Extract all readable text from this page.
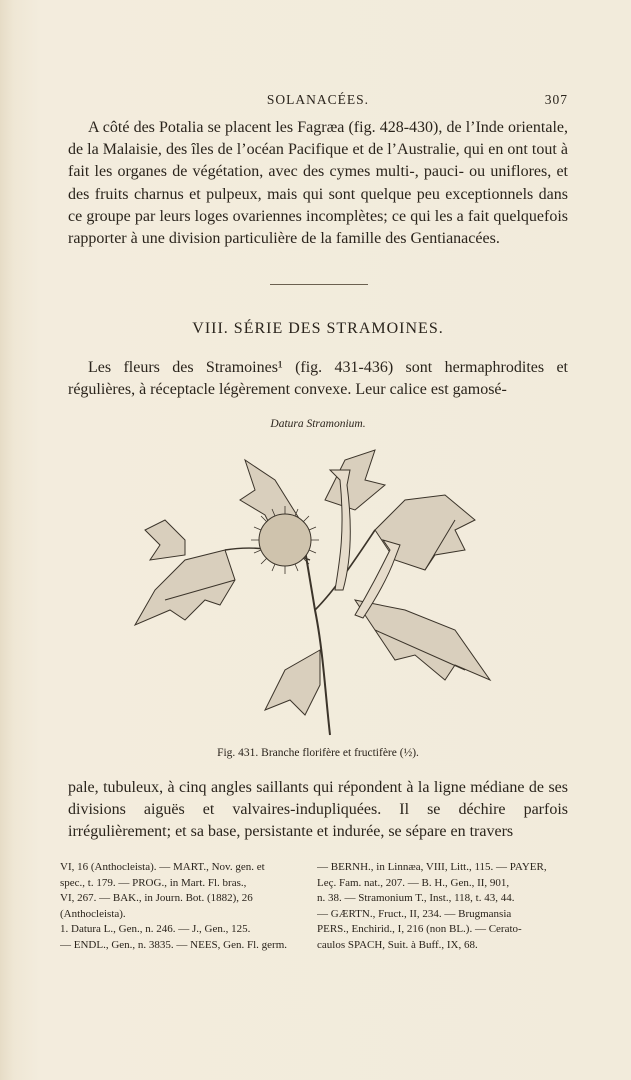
SOLANACÉES.	307

A côté des Potalia se placent les Fagræa (fig. 428-430), de l’Inde orientale, de la Malaisie, des îles de l’océan Pacifique et de l’Australie, qui en ont tout à fait les organes de végétation, avec des cymes multi-, pauci- ou uniflores, et des fruits charnus et pulpeux, mais qui sont quelque peu exceptionnels dans ce groupe par leurs loges ovariennes incomplètes; ce qui les a fait quelquefois rapporter à une division particulière de la famille des Gentianacées.

VIII. SÉRIE DES STRAMOINES.

Les fleurs des Stramoines¹ (fig. 431-436) sont hermaphrodites et régulières, à réceptacle légèrement convexe. Leur calice est gamosé-

Datura Stramonium.
Fig. 431. Branche florifère et fructifère (½).

pale, tubuleux, à cinq angles saillants qui répondent à la ligne médiane de ses divisions aiguës et valvaires-indupliquées. Il se déchire parfois irrégulièrement; et sa base, persistante et indurée, se sépare en travers

VI, 16 (Anthocleista). — MART., Nov. gen. et
spec., t. 179. — PROG., in Mart. Fl. bras.,
VI, 267. — BAK., in Journ. Bot. (1882), 26
(Anthocleista).
1. Datura L., Gen., n. 246. — J., Gen., 125.
— ENDL., Gen., n. 3835. — NEES, Gen. Fl. germ.
— BERNH., in Linnæa, VIII, Litt., 115. — PAYER,
Leç. Fam. nat., 207. — B. H., Gen., II, 901,
n. 38. — Stramonium T., Inst., 118, t. 43, 44.
— GÆRTN., Fruct., II, 234. — Brugmansia
PERS., Enchirid., I, 216 (non BL.). — Cerato-
caulos SPACH, Suit. à Buff., IX, 68.
